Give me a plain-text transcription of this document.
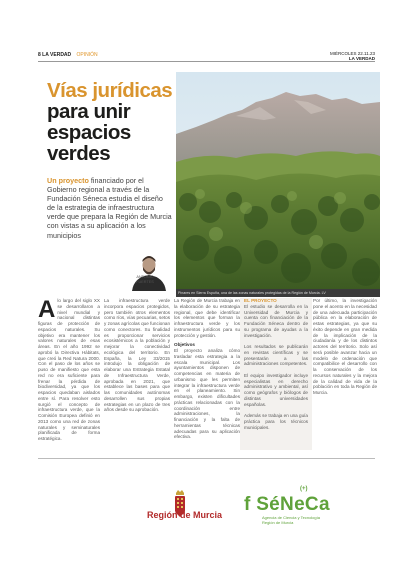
8 LA VERDAD OPINIÓN	MIÉRCOLES 22.11.23
LA VERDAD
Vías jurídicas
para unir
espacios
verdes
Un proyecto financiado por el Gobierno regional a través de la Fundación Séneca estudia el diseño de la estrategia de infraestructura verde que prepara la Región de Murcia con vistas a su aplicación a los municipios
ANTONIO
FUERTES
Pinares en Sierra Espuña, una de las zonas naturales protegidas de la Región de Murcia. LV
A lo largo del siglo XX se desarrollaron a nivel mundial y nacional distintas figuras de protección de espacios naturales. Su objetivo era mantener los valores naturales de esas áreas. En el año 1992 se aprobó la Directiva Hábitats, que creó la Red Natura 2000. Con el paso de los años se puso de manifiesto que esta red no era suficiente para frenar la pérdida de biodiversidad, ya que los espacios quedaban aislados entre sí. Para resolver esto surgió el concepto de infraestructura verde, que la Comisión Europea definió en 2013 como una red de zonas naturales y seminaturales planificada de forma estratégica.

La infraestructura verde incorpora espacios protegidos, pero también otros elementos como ríos, vías pecuarias, setos y zonas agrícolas que funcionan como conectores. Su finalidad es proporcionar servicios ecosistémicos a la población y mejorar la conectividad ecológica del territorio. En España, la Ley 33/2015 introdujo la obligación de elaborar una Estrategia Estatal de Infraestructura Verde, aprobada en 2021, que establece las bases para que las comunidades autónomas desarrollen sus propias estrategias en un plazo de tres años desde su aprobación.

La Región de Murcia trabaja en la elaboración de su estrategia regional, que debe identificar los elementos que forman la infraestructura verde y los instrumentos jurídicos para su protección y gestión.

Objetivos

El proyecto analiza cómo trasladar esta estrategia a la escala municipal. Los ayuntamientos disponen de competencias en materia de urbanismo que les permiten integrar la infraestructura verde en el planeamiento. Sin embargo, existen dificultades prácticas relacionadas con la coordinación entre administraciones, la financiación y la falta de herramientas técnicas adecuadas para su aplicación efectiva.

EL PROYECTO

El estudio se desarrolla en la Universidad de Murcia y cuenta con financiación de la Fundación Séneca dentro de su programa de ayudas a la investigación.

Los resultados se publicarán en revistas científicas y se presentarán a las administraciones competentes.

El equipo investigador incluye especialistas en derecho administrativo y ambiental, así como geógrafos y biólogos de distintas universidades españolas.

Además se trabaja en una guía práctica para los técnicos municipales.

Por último, la investigación pone el acento en la necesidad de una adecuada participación pública en la elaboración de estas estrategias, ya que su éxito depende en gran medida de la implicación de la ciudadanía y de los distintos actores del territorio. Solo así será posible avanzar hacia un modelo de ordenación que compatibilice el desarrollo con la conservación de los recursos naturales y la mejora de la calidad de vida de la población en toda la Región de Murcia.

Región de Murcia f SéNeCa
(+)
Agencia de Ciencia y Tecnología
Región de Murcia
